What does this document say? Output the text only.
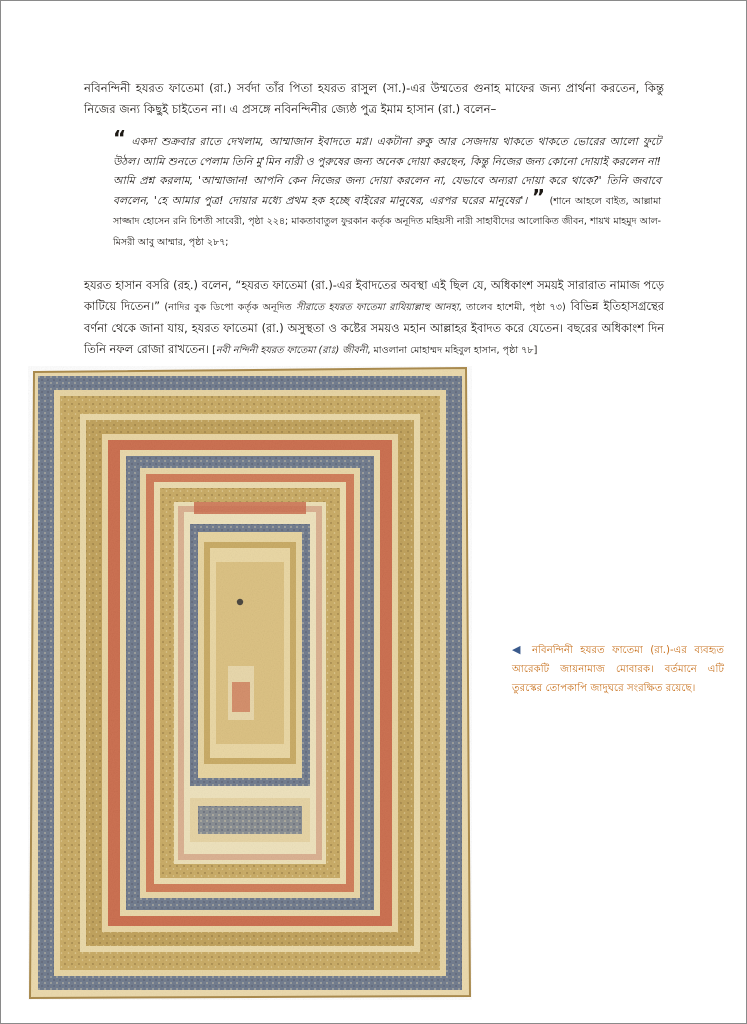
নবিনন্দিনী হযরত ফাতেমা (রা.) সর্বদা তাঁর পিতা হযরত রাসুল (সা.)-এর উম্মতের গুনাহ মাফের জন্য প্রার্থনা করতেন, কিন্তু নিজের জন্য কিছুই চাইতেন না। এ প্রসঙ্গে নবিনন্দিনীর জ্যেষ্ঠ পুত্র ইমাম হাসান (রা.) বলেন–
“ একদা শুক্রবার রাতে দেখলাম, আম্মাজান ইবাদতে মগ্ন। একটানা রুকু আর সেজদায় থাকতে থাকতে ভোরের আলো ফুটে উঠল। আমি শুনতে পেলাম তিনি মু'মিন নারী ও পুরুষের জন্য অনেক দোয়া করছেন, কিন্তু নিজের জন্য কোনো দোয়াই করলেন না! আমি প্রশ্ন করলাম, 'আম্মাজান! আপনি কেন নিজের জন্য দোয়া করলেন না, যেভাবে অন্যরা দোয়া করে থাকে?' তিনি জবাবে বললেন, 'হে আমার পুত্র! দোয়ার মধ্যে প্রথম হক হচ্ছে বাইরের মানুষের, এরপর ঘরের মানুষের'। ” (শানে আহলে বাইত, আল্লামা সাজ্জাদ হোসেন রনি চিশতী সাবেরী, পৃষ্ঠা ২২৪; মাকতাবাতুল ফুরকান কর্তৃক অনূদিত মহিয়সী নারী সাহাবীদের আলোকিত জীবন, শায়খ মাহমুদ আল-মিসরী আবু আম্মার, পৃষ্ঠা ২৮৭;
হযরত হাসান বসরি (রহ.) বলেন, “হযরত ফাতেমা (রা.)-এর ইবাদতের অবস্থা এই ছিল যে, অধিকাংশ সময়ই সারারাত নামাজ পড়ে কাটিয়ে দিতেন।” (নাদির বুক ডিপো কর্তৃক অনূদিত সীরাতে হযরত ফাতেমা রাযিয়াল্লাহু আনহা, তালেব হাশেমী, পৃষ্ঠা ৭৩) বিভিন্ন ইতিহাসগ্রন্থের বর্ণনা থেকে জানা যায়, হযরত ফাতেমা (রা.) অসুস্থতা ও কষ্টের সময়ও মহান আল্লাহর ইবাদত করে যেতেন। বছরের অধিকাংশ দিন তিনি নফল রোজা রাখতেন। [নবী নন্দিনী হযরত ফাতেমা (রাঃ) জীবনী, মাওলানা মোহাম্মদ মহিবুল হাসান, পৃষ্ঠা ৭৮]
◀ নবিনন্দিনী হযরত ফাতেমা (রা.)-এর ব্যবহৃত আরেকটি জায়নামাজ মোবারক। বর্তমানে এটি তুরস্কের তোপকাপি জাদুঘরে সংরক্ষিত রয়েছে।
